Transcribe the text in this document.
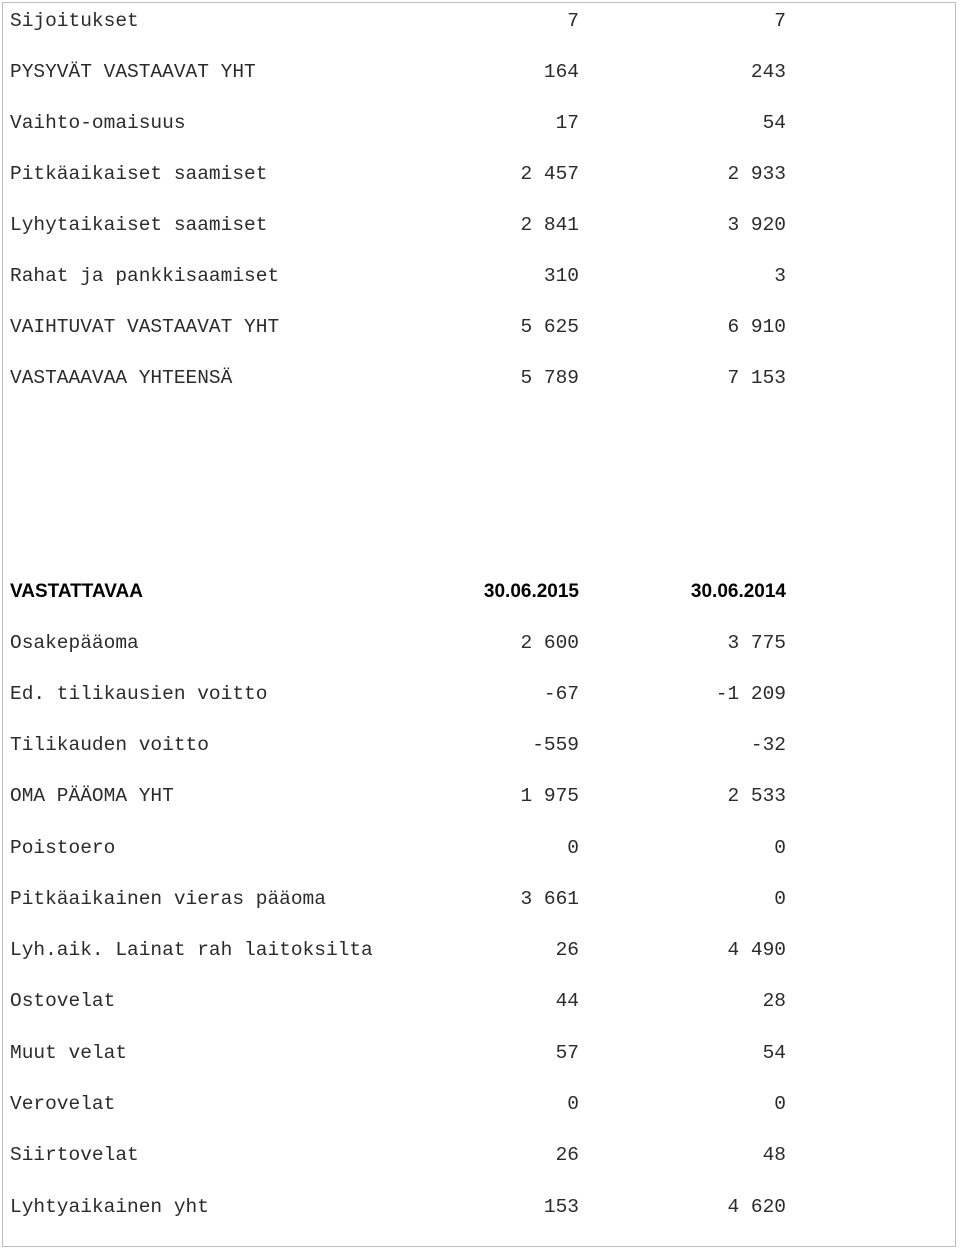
Sijoitukset	7	7
PYSYVÄT VASTAAVAT YHT	164	243
Vaihto-omaisuus	17	54
Pitkäaikaiset saamiset	2 457	2 933
Lyhytaikaiset saamiset	2 841	3 920
Rahat ja pankkisaamiset	310	3
VAIHTUVAT VASTAAVAT YHT	5 625	6 910
VASTAAAVAA YHTEENSÄ	5 789	7 153
VASTATTAVAA	30.06.2015	30.06.2014
Osakepääoma	2 600	3 775
Ed. tilikausien voitto	-67	-1 209
Tilikauden voitto	-559	-32
OMA PÄÄOMA YHT	1 975	2 533
Poistoero	0	0
Pitkäaikainen vieras pääoma	3 661	0
Lyh.aik. Lainat rah laitoksilta	26	4 490
Ostovelat	44	28
Muut velat	57	54
Verovelat	0	0
Siirtovelat	26	48
Lyhtyaikainen yht	153	4 620
